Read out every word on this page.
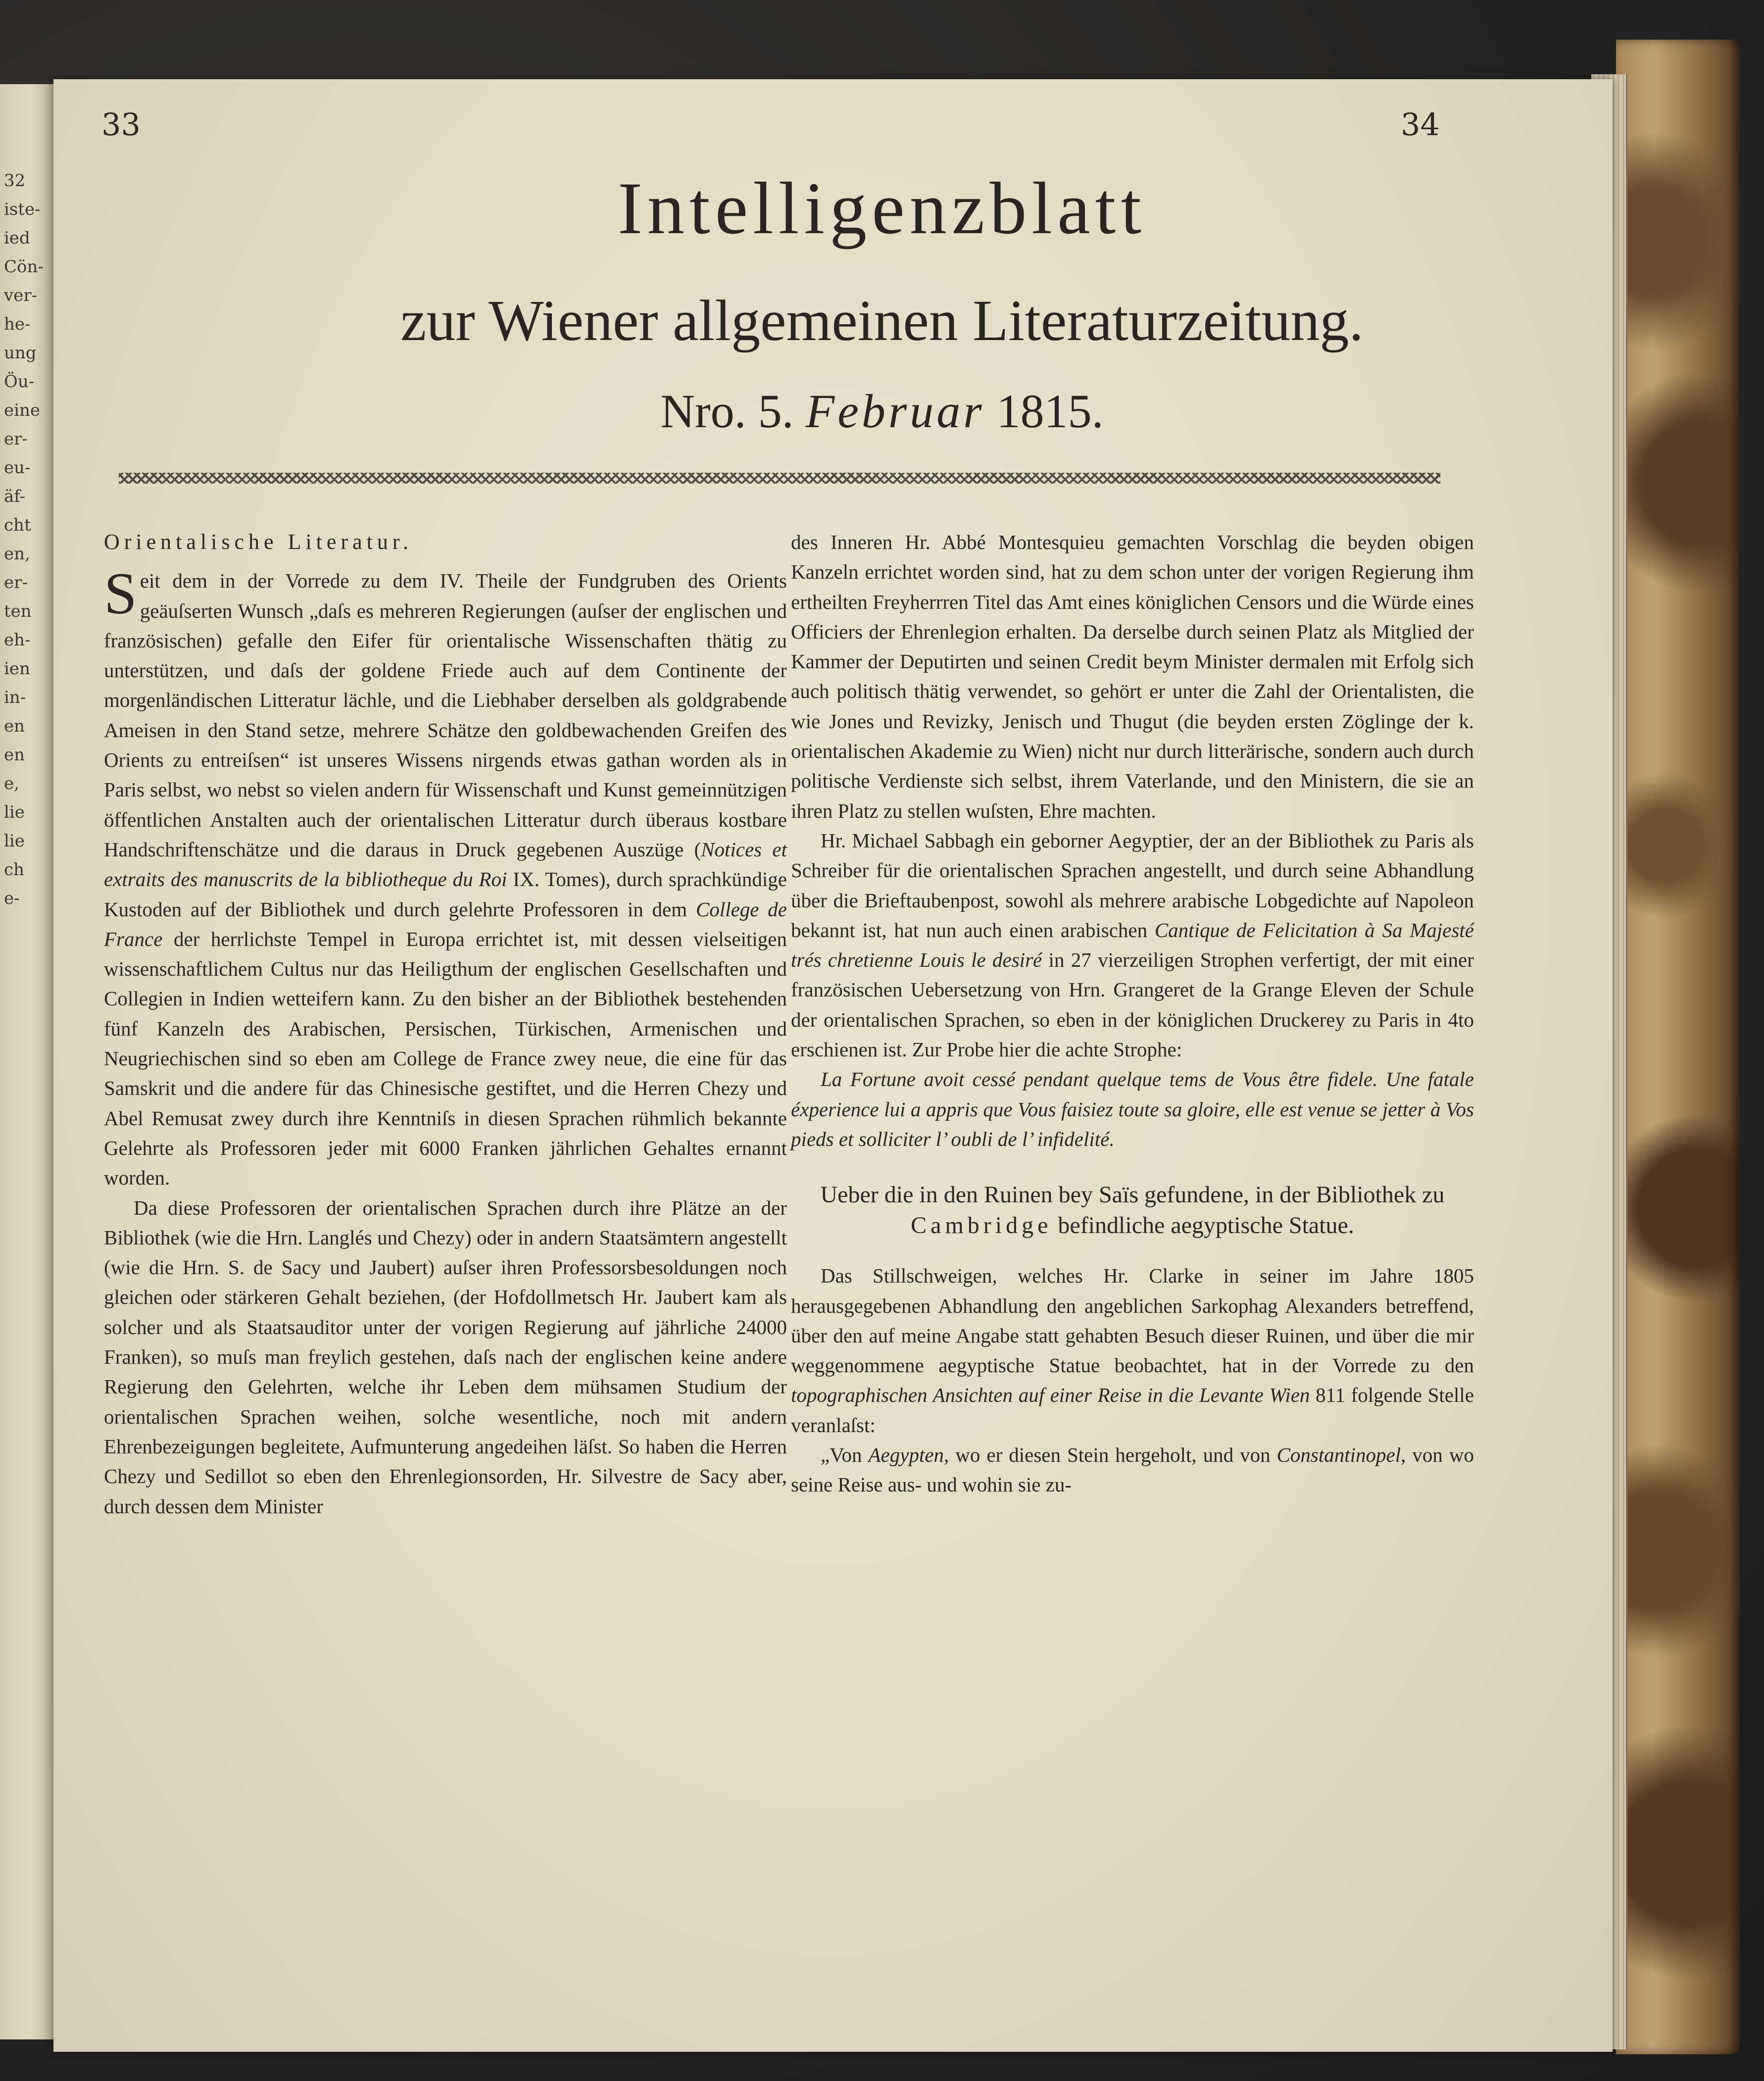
32
iste-
ied
Cön-
ver-
he-
ung
Öu-
eine
er-
eu-
äf-
cht
en,
er-
ten
eh-
ien
in-
en
en
e,
lie
lie
ch
e-
33	34
Intelligenzblatt
zur Wiener allgemeinen Literaturzeitung.
Nro. 5. Februar 1815.

Orientalische Literatur.

Seit dem in der Vorrede zu dem IV. Theile der Fundgruben des Orients geäuſserten Wunsch „daſs es mehreren Regierungen (auſser der englischen und französischen) gefalle den Eifer für orientalische Wissenschaften thätig zu unterstützen, und daſs der goldene Friede auch auf dem Continente der morgenländischen Litteratur lächle, und die Liebhaber derselben als goldgrabende Ameisen in den Stand setze, mehrere Schätze den goldbewachenden Greifen des Orients zu entreiſsen“ ist unseres Wissens nirgends etwas gathan worden als in Paris selbst, wo nebst so vielen andern für Wissenschaft und Kunst gemeinnützigen öffentlichen Anstalten auch der orientalischen Litteratur durch überaus kostbare Handschriftenschätze und die daraus in Druck gegebenen Auszüge (Notices et extraits des manuscrits de la bibliotheque du Roi IX. Tomes), durch sprachkündige Kustoden auf der Bibliothek und durch gelehrte Professoren in dem College de France der herrlichste Tempel in Europa errichtet ist, mit dessen vielseitigen wissenschaftlichem Cultus nur das Heiligthum der englischen Gesellschaften und Collegien in Indien wetteifern kann. Zu den bisher an der Bibliothek bestehenden fünf Kanzeln des Arabischen, Persischen, Türkischen, Armenischen und Neugriechischen sind so eben am College de France zwey neue, die eine für das Samskrit und die andere für das Chinesische gestiftet, und die Herren Chezy und Abel Remusat zwey durch ihre Kenntniſs in diesen Sprachen rühmlich bekannte Gelehrte als Professoren jeder mit 6000 Franken jährlichen Gehaltes ernannt worden.

Da diese Professoren der orientalischen Sprachen durch ihre Plätze an der Bibliothek (wie die Hrn. Langlés und Chezy) oder in andern Staatsämtern angestellt (wie die Hrn. S. de Sacy und Jaubert) auſser ihren Professorsbesoldungen noch gleichen oder stärkeren Gehalt beziehen, (der Hofdollmetsch Hr. Jaubert kam als solcher und als Staatsauditor unter der vorigen Regierung auf jährliche 24000 Franken), so muſs man freylich gestehen, daſs nach der englischen keine andere Regierung den Gelehrten, welche ihr Leben dem mühsamen Studium der orientalischen Sprachen weihen, solche wesentliche, noch mit andern Ehrenbezeigungen begleitete, Aufmunterung angedeihen läſst. So haben die Herren Chezy und Sedillot so eben den Ehrenlegionsorden, Hr. Silvestre de Sacy aber, durch dessen dem Minister

des Inneren Hr. Abbé Montesquieu gemachten Vorschlag die beyden obigen Kanzeln errichtet worden sind, hat zu dem schon unter der vorigen Regierung ihm ertheilten Freyherrren Titel das Amt eines königlichen Censors und die Würde eines Officiers der Ehrenlegion erhalten. Da derselbe durch seinen Platz als Mitglied der Kammer der Deputirten und seinen Credit beym Minister dermalen mit Erfolg sich auch politisch thätig verwendet, so gehört er unter die Zahl der Orientalisten, die wie Jones und Revizky, Jenisch und Thugut (die beyden ersten Zöglinge der k. orientalischen Akademie zu Wien) nicht nur durch litterärische, sondern auch durch politische Verdienste sich selbst, ihrem Vaterlande, und den Ministern, die sie an ihren Platz zu stellen wuſsten, Ehre machten.

Hr. Michael Sabbagh ein geborner Aegyptier, der an der Bibliothek zu Paris als Schreiber für die orientalischen Sprachen angestellt, und durch seine Abhandlung über die Brieftaubenpost, sowohl als mehrere arabische Lobgedichte auf Napoleon bekannt ist, hat nun auch einen arabischen Cantique de Felicitation à Sa Majesté trés chretienne Louis le desiré in 27 vierzeiligen Strophen verfertigt, der mit einer französischen Uebersetzung von Hrn. Grangeret de la Grange Eleven der Schule der orientalischen Sprachen, so eben in der königlichen Druckerey zu Paris in 4to erschienen ist. Zur Probe hier die achte Strophe:

La Fortune avoit cessé pendant quelque tems de Vous être fidele. Une fatale éxperience lui a appris que Vous faisiez toute sa gloire, elle est venue se jetter à Vos pieds et solliciter l’ oubli de l’ infidelité.

Ueber die in den Ruinen bey Saïs gefundene, in der Bibliothek zu Cambridge befindliche aegyptische Statue.

Das Stillschweigen, welches Hr. Clarke in seiner im Jahre 1805 herausgegebenen Abhandlung den angeblichen Sarkophag Alexanders betreffend, über den auf meine Angabe statt gehabten Besuch dieser Ruinen, und über die mir weggenommene aegyptische Statue beobachtet, hat in der Vorrede zu den topographischen Ansichten auf einer Reise in die Levante Wien 811 folgende Stelle veranlaſst:

„Von Aegypten, wo er diesen Stein hergeholt, und von Constantinopel, von wo seine Reise aus- und wohin sie zu-
